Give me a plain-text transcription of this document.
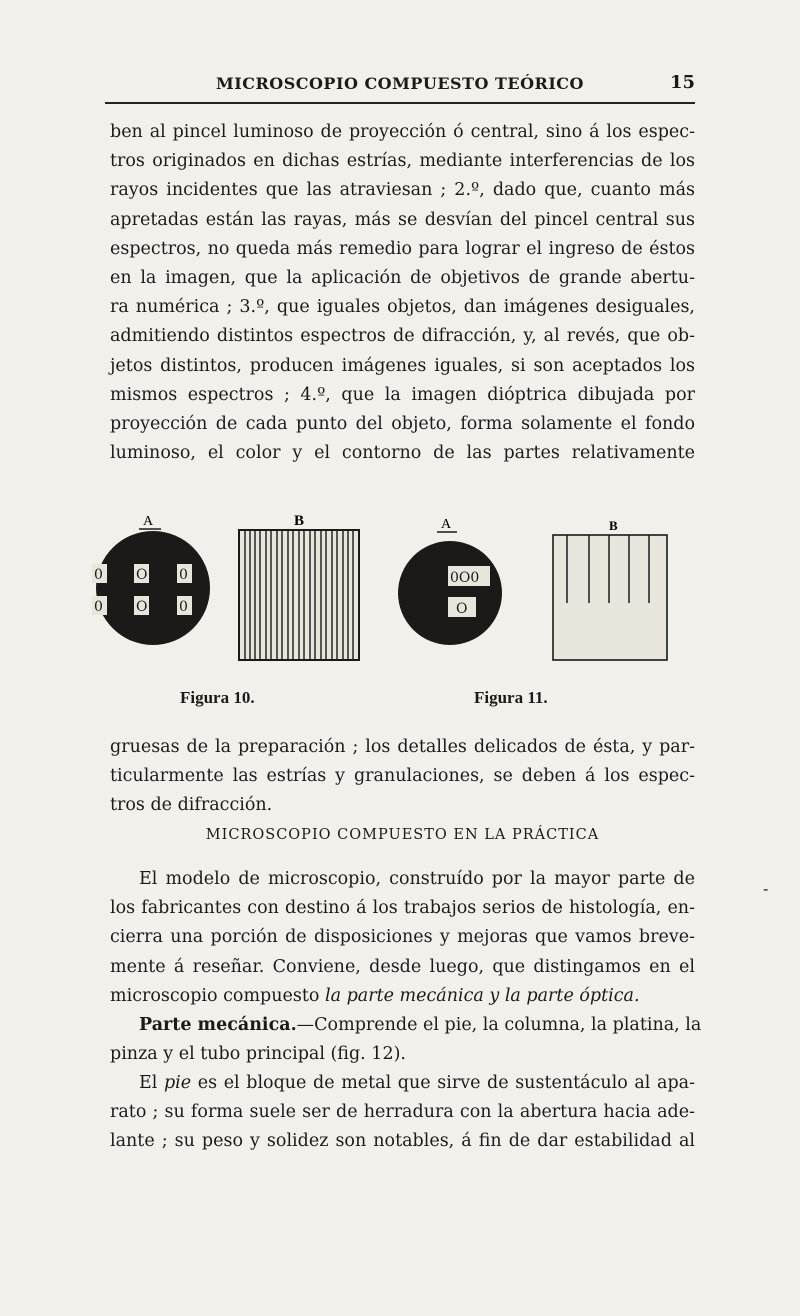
MICROSCOPIO COMPUESTO TEÓRICO	15
ben al pincel luminoso de proyección ó central, sino á los espec-
tros originados en dichas estrías, mediante interferencias de los
rayos incidentes que las atraviesan ; 2.º, dado que, cuanto más
apretadas están las rayas, más se desvían del pincel central sus
espectros, no queda más remedio para lograr el ingreso de éstos
en la imagen, que la aplicación de objetivos de grande abertu-
ra numérica ; 3.º, que iguales objetos, dan imágenes desiguales,
admitiendo distintos espectros de difracción, y, al revés, que ob-
jetos distintos, producen imágenes iguales, si son aceptados los
mismos espectros ; 4.º, que la imagen dióptrica dibujada por
proyección de cada punto del objeto, forma solamente el fondo
luminoso, el color y el contorno de las partes relativamente
0
0
O
O
0
0
A	B
0O0
O
A	B
Figura 10.	Figura 11.
gruesas de la preparación ; los detalles delicados de ésta, y par-
ticularmente las estrías y granulaciones, se deben á los espec-
tros de difracción.
MICROSCOPIO COMPUESTO EN LA PRÁCTICA
El modelo de microscopio, construído por la mayor parte de
los fabricantes con destino á los trabajos serios de histología, en-
cierra una porción de disposiciones y mejoras que vamos breve-
mente á reseñar. Conviene, desde luego, que distingamos en el
microscopio compuesto la parte mecánica y la parte óptica.
Parte mecánica.—Comprende el pie, la columna, la platina, la
pinza y el tubo principal (fig. 12).
El pie es el bloque de metal que sirve de sustentáculo al apa-
rato ; su forma suele ser de herradura con la abertura hacia ade-
lante ; su peso y solidez son notables, á fin de dar estabilidad al
-
